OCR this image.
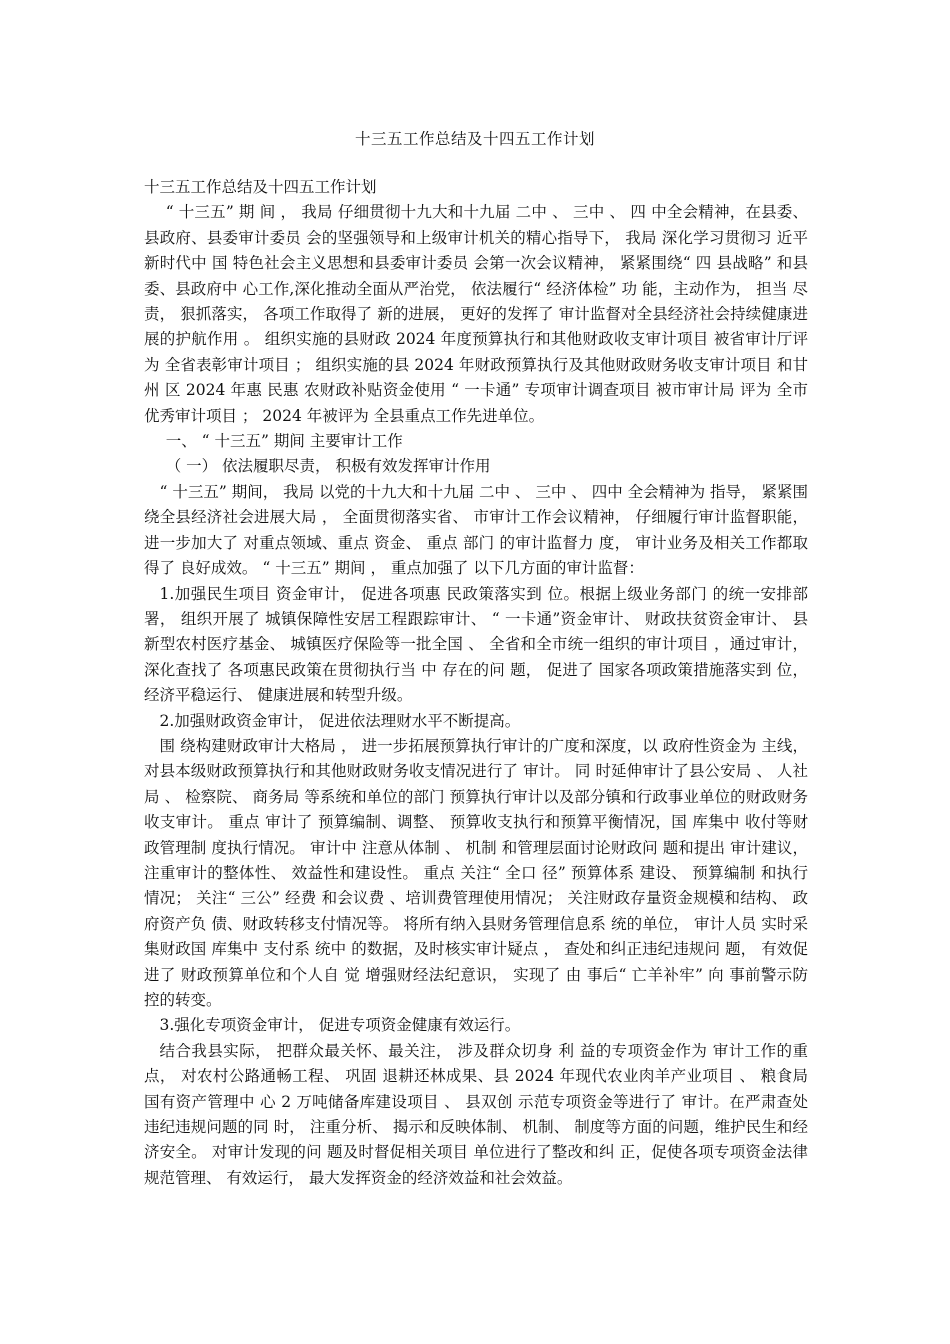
十三五工作总结及十四五工作计划

十三五工作总结及十四五工作计划

“ 十三五” 期 间 ， 我局 仔细贯彻十九大和十九届 二中 、 三中 、 四 中全会精神，在县委、 县政府、县委审计委员 会的坚强领导和上级审计机关的精心指导下， 我局 深化学习贯彻习 近平新时代中 国 特色社会主义思想和县委审计委员 会第一次会议精神， 紧紧围绕“ 四 县战略” 和县委、县政府中 心工作,深化推动全面从严治党， 依法履行“ 经济体检” 功 能，主动作为， 担当 尽责， 狠抓落实， 各项工作取得了 新的进展， 更好的发挥了 审计监督对全县经济社会持续健康进展的护航作用 。 组织实施的县财政 2024 年度预算执行和其他财政收支审计项目 被省审计厅评为 全省表彰审计项目 ； 组织实施的县 2024 年财政预算执行及其他财政财务收支审计项目 和甘州 区 2024 年惠 民惠 农财政补贴资金使用 “ 一卡通” 专项审计调查项目 被市审计局 评为 全市优秀审计项目 ； 2024 年被评为 全县重点工作先进单位。

一、 “ 十三五” 期间 主要审计工作

（ 一） 依法履职尽责， 积极有效发挥审计作用

“ 十三五” 期间， 我局 以党的十九大和十九届 二中 、 三中 、 四中 全会精神为 指导， 紧紧围 绕全县经济社会进展大局 ， 全面贯彻落实省、 市审计工作会议精神， 仔细履行审计监督职能， 进一步加大了 对重点领域、重点 资金、 重点 部门 的审计监督力 度， 审计业务及相关工作都取得了 良好成效。 “ 十三五” 期间 ， 重点加强了 以下几方面的审计监督：

1.加强民生项目 资金审计， 促进各项惠 民政策落实到 位。根据上级业务部门 的统一安排部署， 组织开展了 城镇保障性安居工程跟踪审计、 “ 一卡通”资金审计、 财政扶贫资金审计、 县新型农村医疗基金、 城镇医疗保险等一批全国 、 全省和全市统一组织的审计项目 ，通过审计， 深化查找了 各项惠民政策在贯彻执行当 中 存在的问 题， 促进了 国家各项政策措施落实到 位， 经济平稳运行、 健康进展和转型升级。

2.加强财政资金审计， 促进依法理财水平不断提高。

围 绕构建财政审计大格局 ， 进一步拓展预算执行审计的广度和深度，以 政府性资金为 主线， 对县本级财政预算执行和其他财政财务收支情况进行了 审计。 同 时延伸审计了县公安局 、 人社局 、 检察院、 商务局 等系统和单位的部门 预算执行审计以及部分镇和行政事业单位的财政财务收支审计。 重点 审计了 预算编制、调整、 预算收支执行和预算平衡情况，国 库集中 收付等财政管理制 度执行情况。 审计中 注意从体制 、 机制 和管理层面讨论财政问 题和提出 审计建议， 注重审计的整体性、 效益性和建设性。 重点 关注“ 全口 径” 预算体系 建设、 预算编制 和执行情况； 关注“ 三公” 经费 和会议费 、培训费管理使用情况； 关注财政存量资金规模和结构、 政府资产负 债、财政转移支付情况等。 将所有纳入县财务管理信息系 统的单位， 审计人员 实时采集财政国 库集中 支付系 统中 的数据，及时核实审计疑点 ， 查处和纠正违纪违规问 题， 有效促进了 财政预算单位和个人自 觉 增强财经法纪意识， 实现了 由 事后“ 亡羊补牢” 向 事前警示防控的转变。

3.强化专项资金审计， 促进专项资金健康有效运行。

结合我县实际， 把群众最关怀、最关注， 涉及群众切身 利 益的专项资金作为 审计工作的重点， 对农村公路通畅工程、 巩固 退耕还林成果、县 2024 年现代农业肉羊产业项目 、 粮食局 国有资产管理中 心 2 万吨储备库建设项目 、 县双创 示范专项资金等进行了 审计。在严肃查处违纪违规问题的同 时， 注重分析、 揭示和反映体制、 机制、 制度等方面的问题，维护民生和经济安全。 对审计发现的问 题及时督促相关项目 单位进行了整改和纠 正，促使各项专项资金法律规范管理、 有效运行， 最大发挥资金的经济效益和社会效益。
